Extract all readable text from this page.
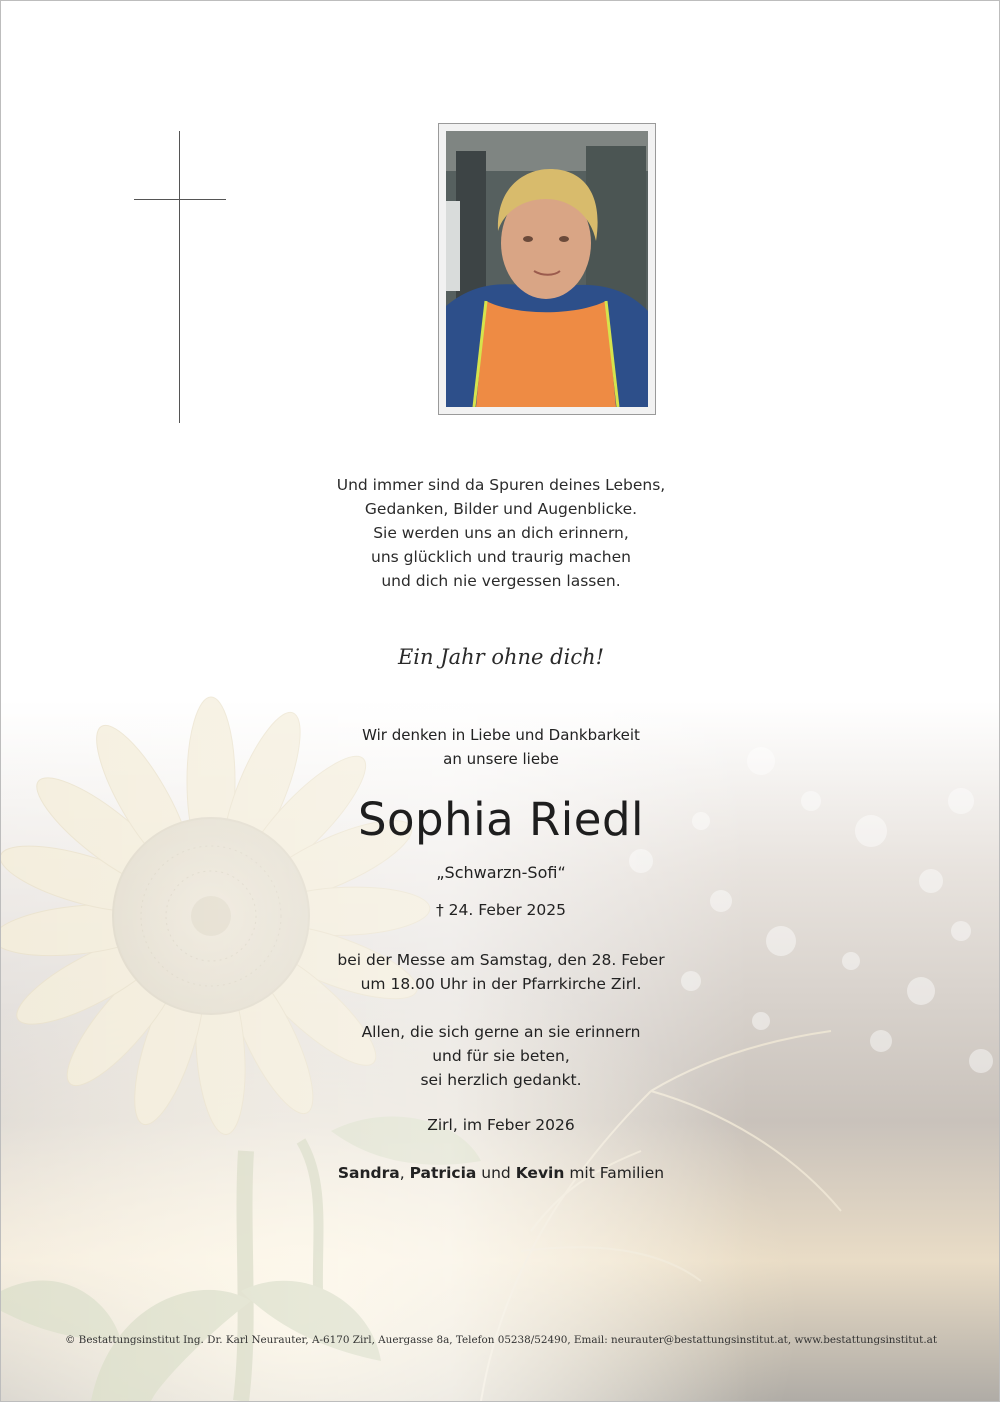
Und immer sind da Spuren deines Lebens,
Gedanken, Bilder und Augenblicke.
Sie werden uns an dich erinnern,
uns glücklich und traurig machen
und dich nie vergessen lassen.
Ein Jahr ohne dich!
Wir denken in Liebe und Dankbarkeit
an unsere liebe
Sophia Riedl
„Schwarzn-Sofi“
† 24. Feber 2025
bei der Messe am Samstag, den 28. Feber
um 18.00 Uhr in der Pfarrkirche Zirl.
Allen, die sich gerne an sie erinnern
und für sie beten,
sei herzlich gedankt.
Zirl, im Feber 2026
Sandra, Patricia und Kevin mit Familien
© Bestattungsinstitut Ing. Dr. Karl Neurauter, A-6170 Zirl, Auergasse 8a, Telefon 05238/52490, Email: neurauter@bestattungsinstitut.at, www.bestattungsinstitut.at
